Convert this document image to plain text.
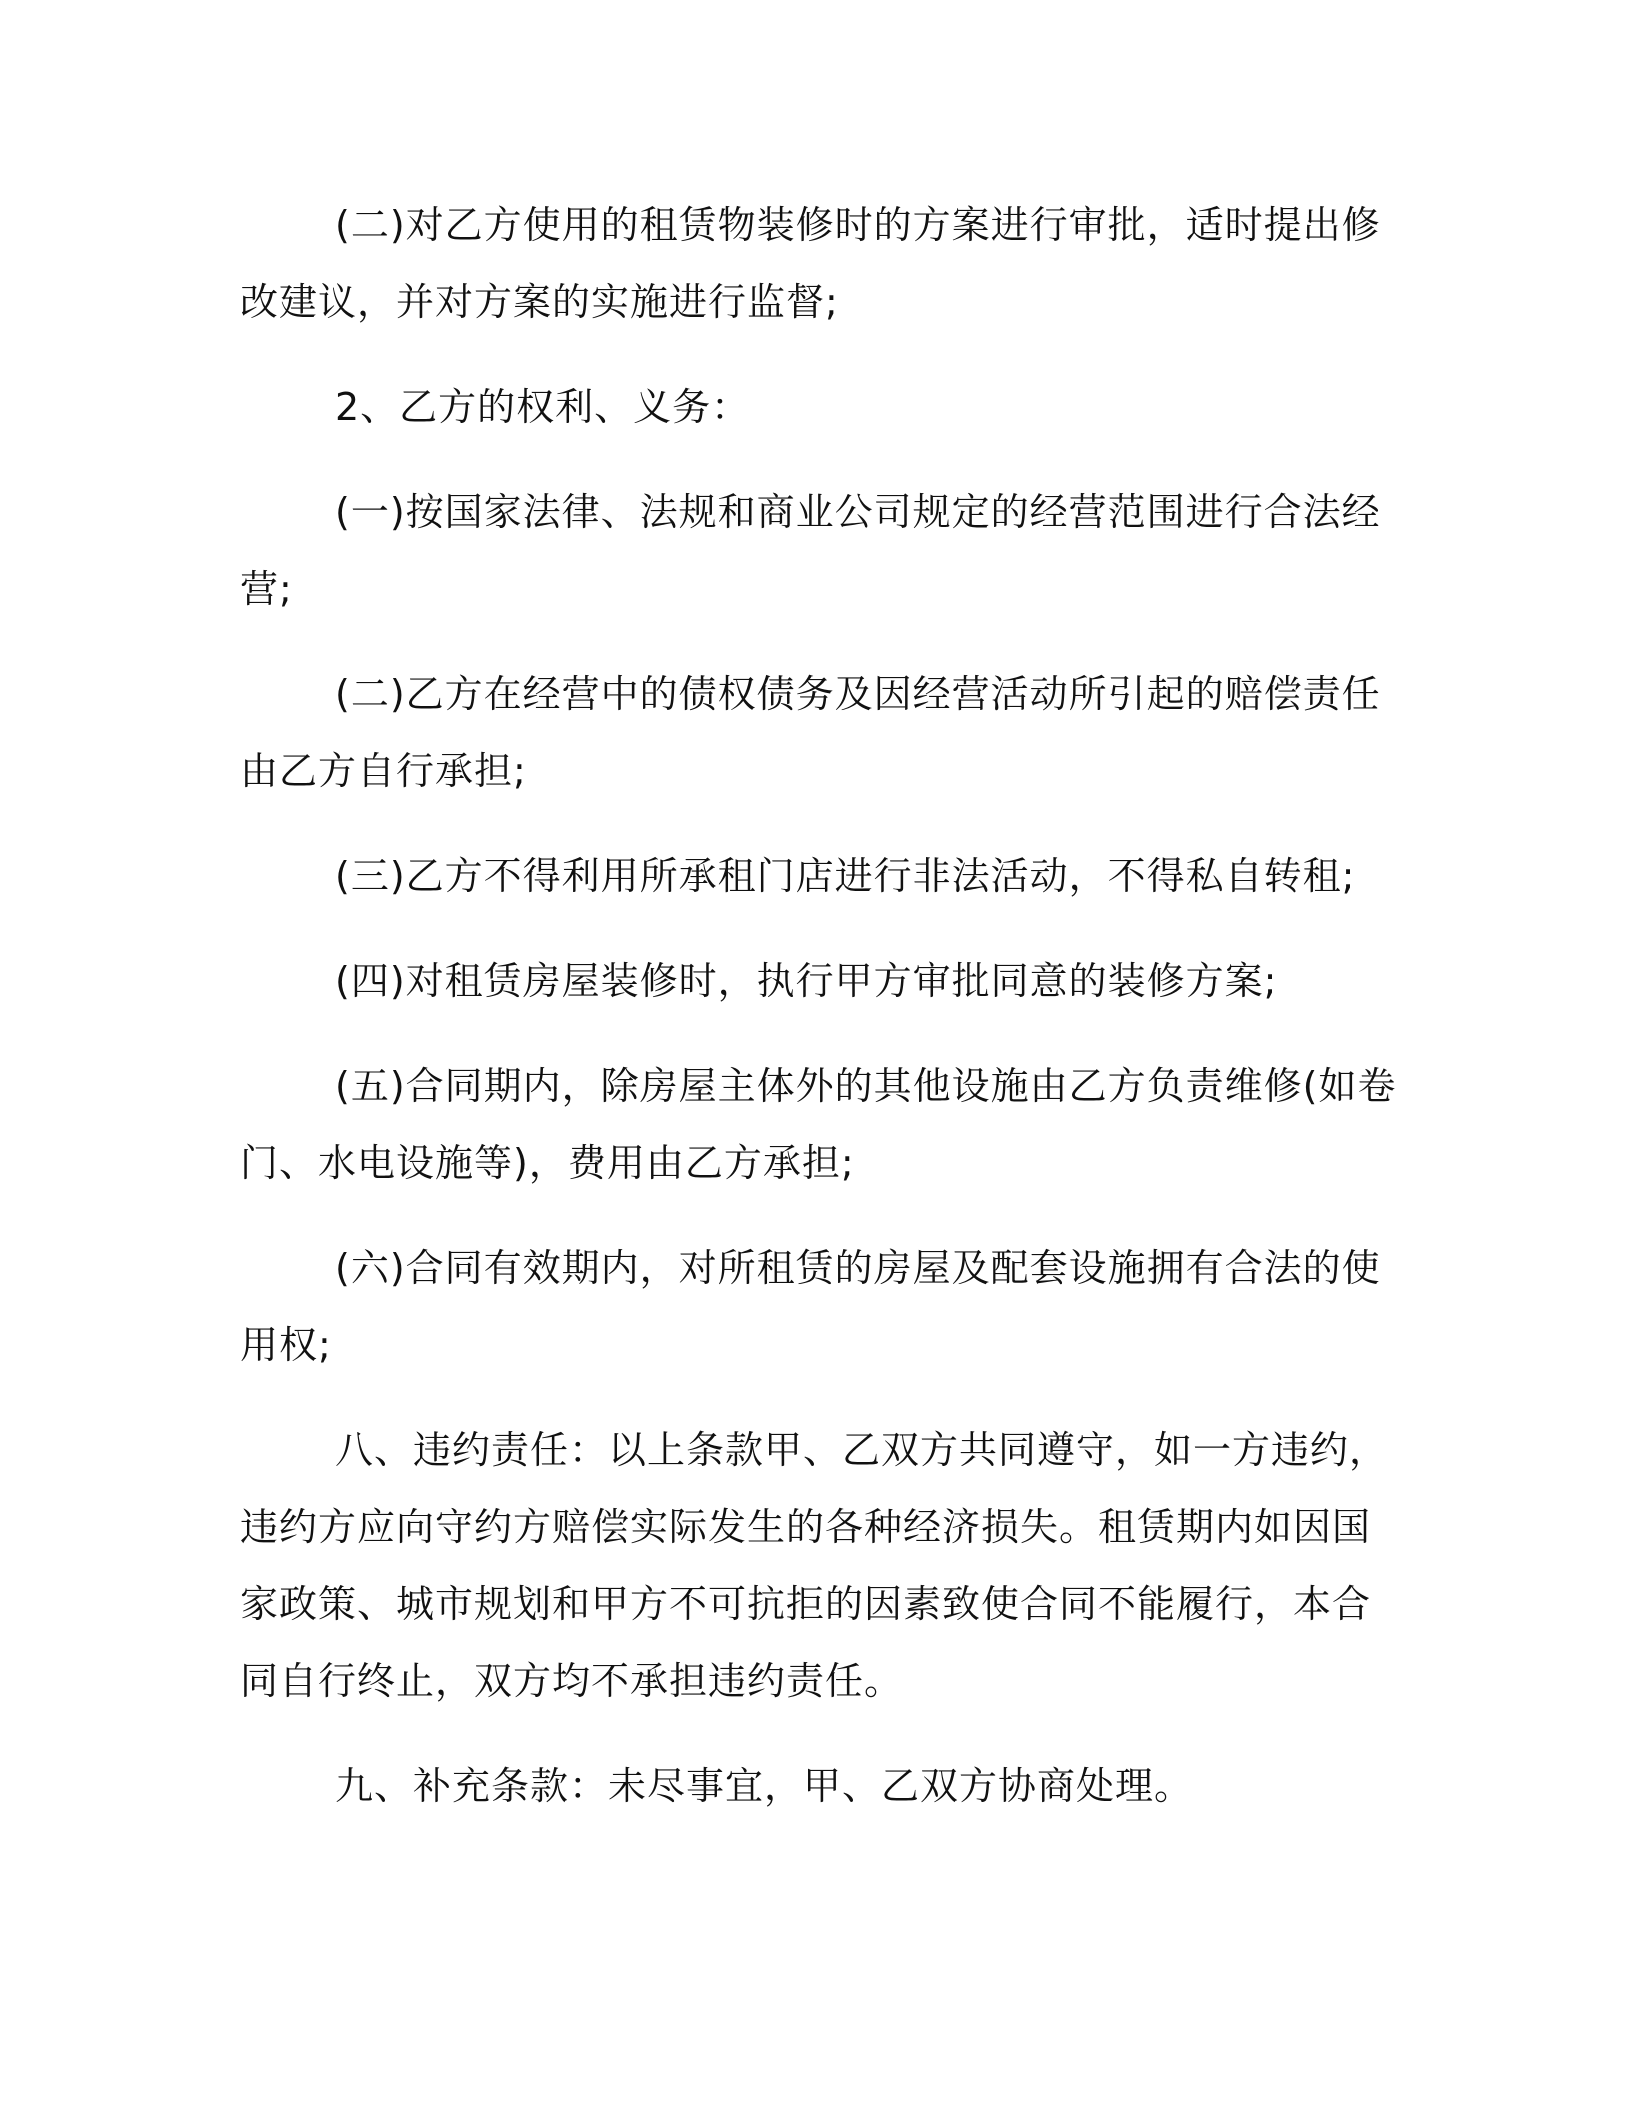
(二)对乙方使用的租赁物装修时的方案进行审批，适时提出修改建议，并对方案的实施进行监督;

2、乙方的权利、义务：

(一)按国家法律、法规和商业公司规定的经营范围进行合法经营;

(二)乙方在经营中的债权债务及因经营活动所引起的赔偿责任由乙方自行承担;

(三)乙方不得利用所承租门店进行非法活动，不得私自转租;

(四)对租赁房屋装修时，执行甲方审批同意的装修方案;

(五)合同期内，除房屋主体外的其他设施由乙方负责维修(如卷门、水电设施等)，费用由乙方承担;

(六)合同有效期内，对所租赁的房屋及配套设施拥有合法的使用权;

八、违约责任：以上条款甲、乙双方共同遵守，如一方违约，违约方应向守约方赔偿实际发生的各种经济损失。租赁期内如因国家政策、城市规划和甲方不可抗拒的因素致使合同不能履行，本合同自行终止，双方均不承担违约责任。

九、补充条款：未尽事宜，甲、乙双方协商处理。
